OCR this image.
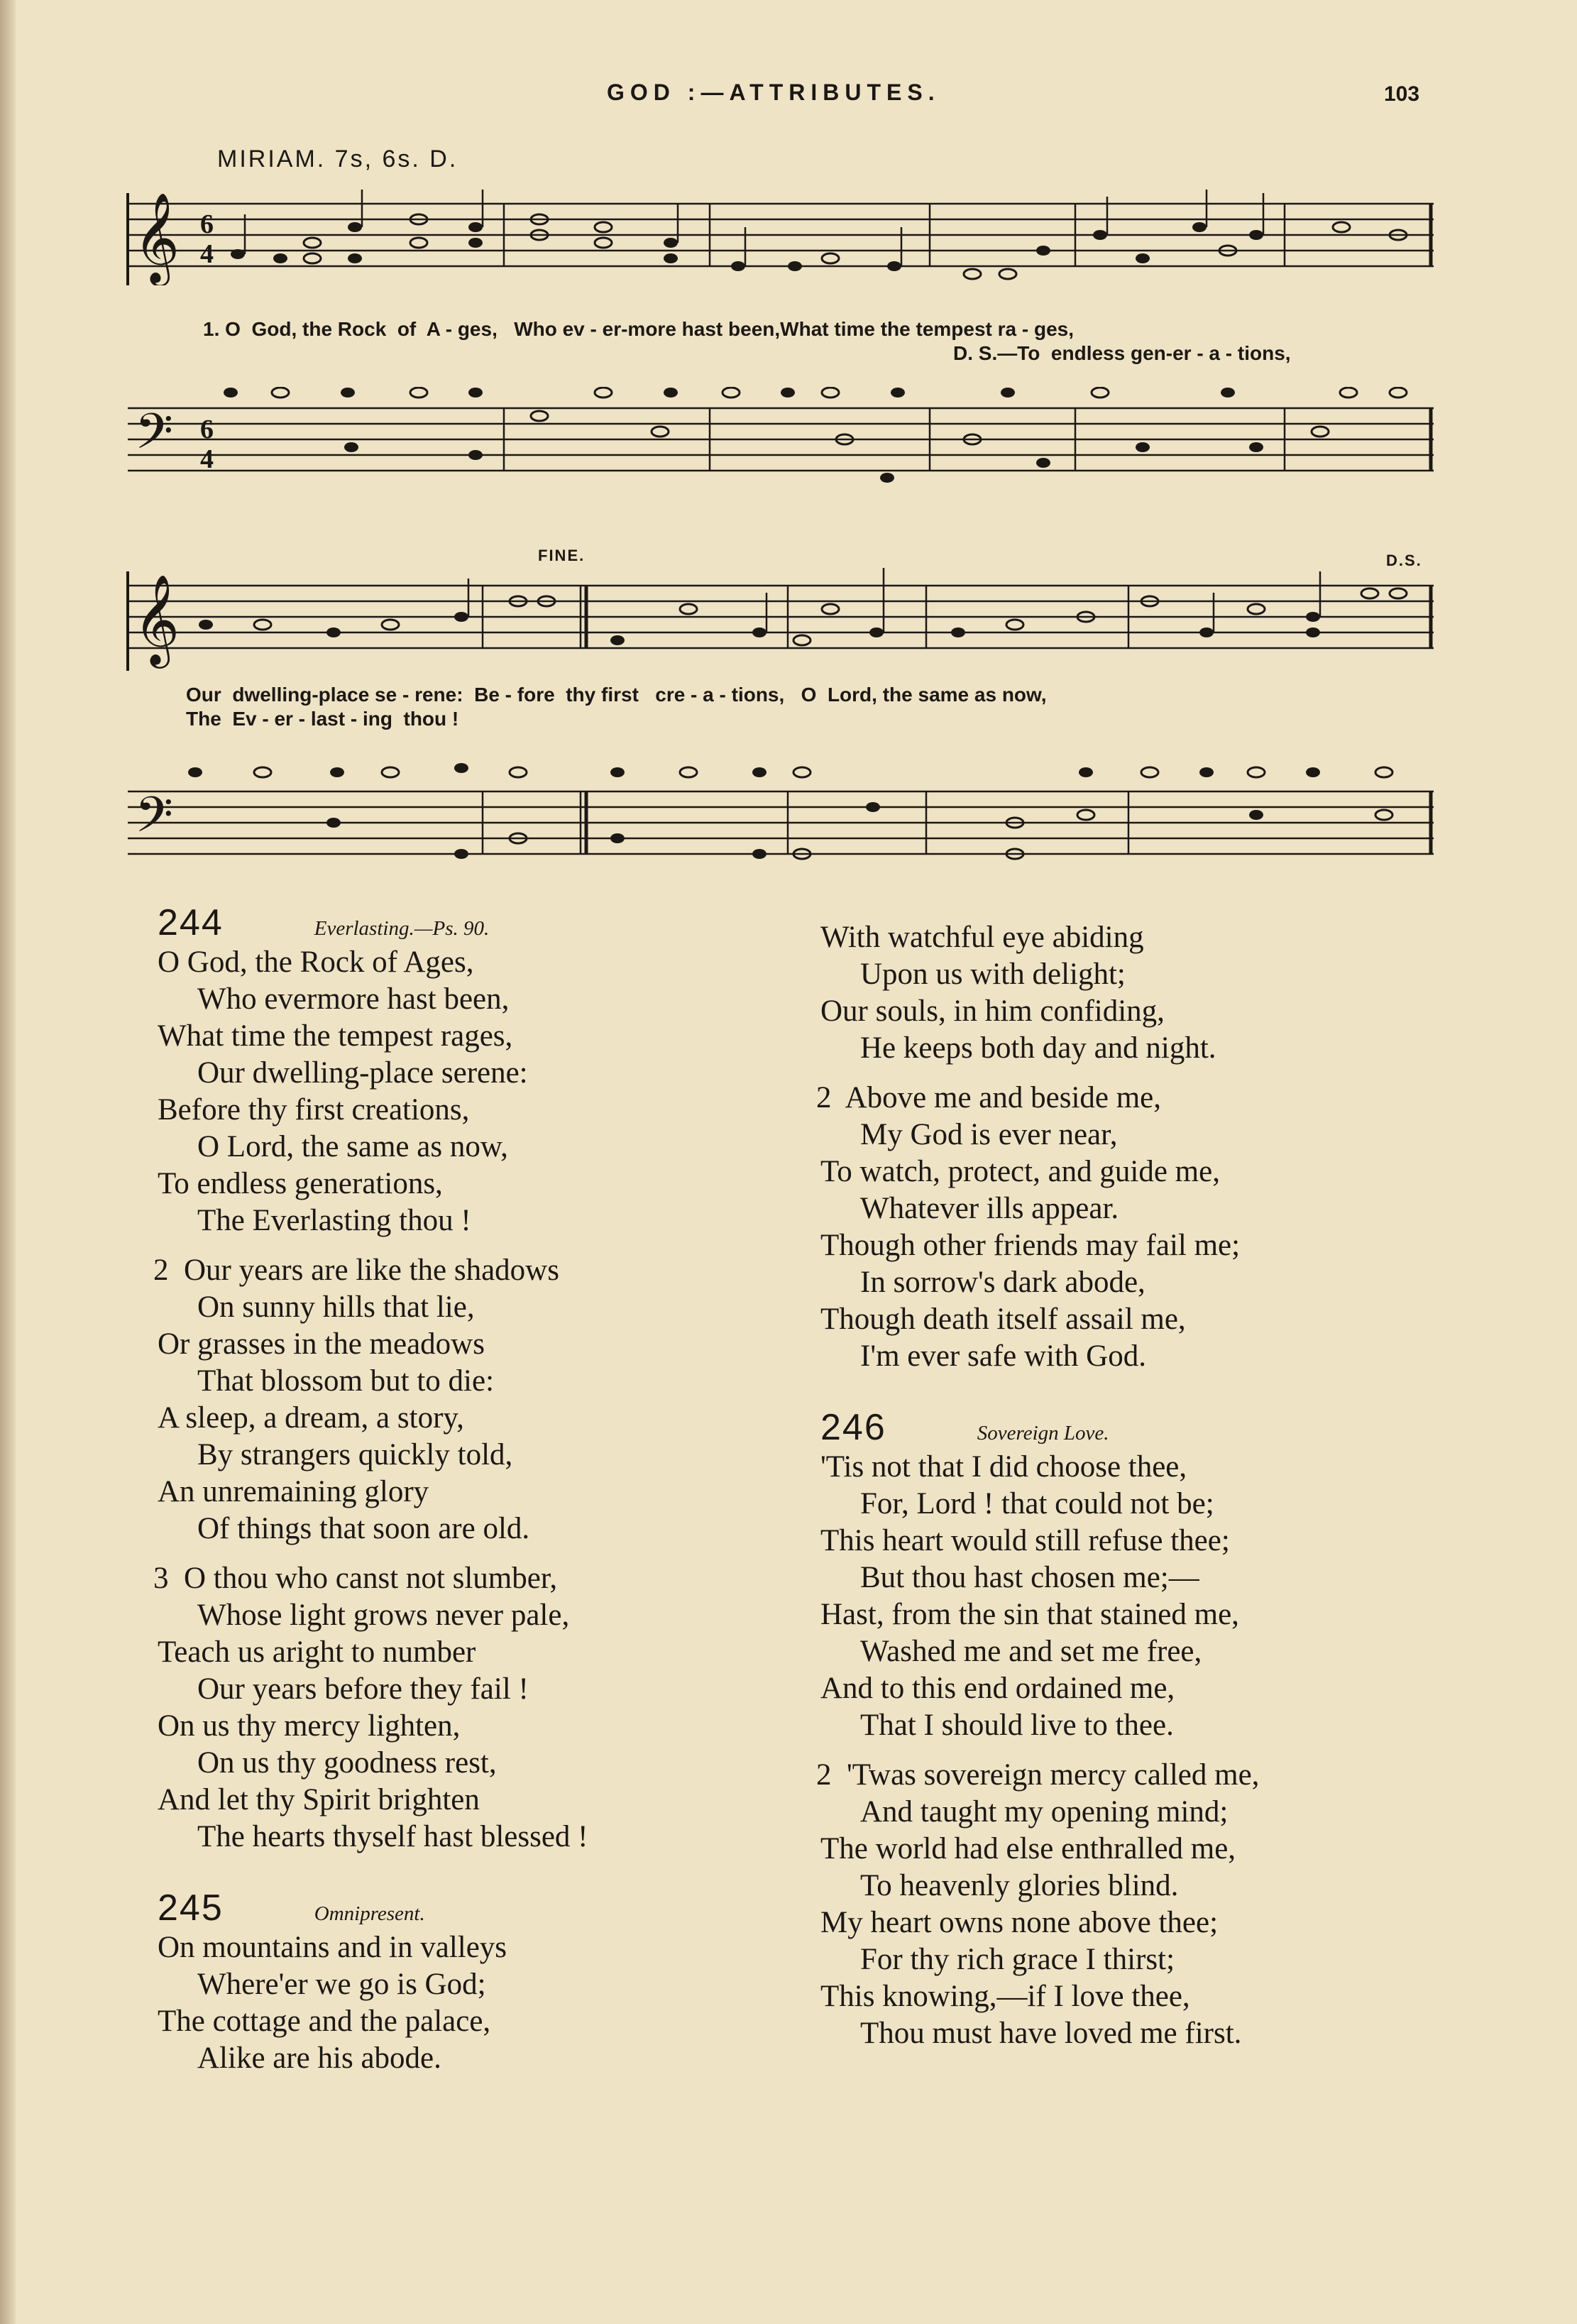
GOD :—ATTRIBUTES.	103
MIRIAM. 7s, 6s. D.
𝄞 6
4
1. O  God, the Rock  of  A - ges,   Who ev - er-more hast been,What time the tempest ra - ges,
D. S.—To  endless gen-er - a - tions,
𝄢 6
4
𝄞
FINE.	D.S.
Our  dwelling-place se - rene:  Be - fore  thy first   cre - a - tions,   O  Lord, the same as now,
The  Ev - er - last - ing  thou !
𝄢
244	Everlasting.—Ps. 90.
O God, the Rock of Ages,
Who evermore hast been,
What time the tempest rages,
Our dwelling-place serene:
Before thy first creations,
O Lord, the same as now,
To endless generations,
The Everlasting thou !
2  Our years are like the shadows
On sunny hills that lie,
Or grasses in the meadows
That blossom but to die:
A sleep, a dream, a story,
By strangers quickly told,
An unremaining glory
Of things that soon are old.
3  O thou who canst not slumber,
Whose light grows never pale,
Teach us aright to number
Our years before they fail !
On us thy mercy lighten,
On us thy goodness rest,
And let thy Spirit brighten
The hearts thyself hast blessed !
245	Omnipresent.
On mountains and in valleys
Where'er we go is God;
The cottage and the palace,
Alike are his abode.
With watchful eye abiding
Upon us with delight;
Our souls, in him confiding,
He keeps both day and night.
2  Above me and beside me,
My God is ever near,
To watch, protect, and guide me,
Whatever ills appear.
Though other friends may fail me;
In sorrow's dark abode,
Though death itself assail me,
I'm ever safe with God.
246	Sovereign Love.
'Tis not that I did choose thee,
For, Lord ! that could not be;
This heart would still refuse thee;
But thou hast chosen me;—
Hast, from the sin that stained me,
Washed me and set me free,
And to this end ordained me,
That I should live to thee.
2  'Twas sovereign mercy called me,
And taught my opening mind;
The world had else enthralled me,
To heavenly glories blind.
My heart owns none above thee;
For thy rich grace I thirst;
This knowing,—if I love thee,
Thou must have loved me first.
